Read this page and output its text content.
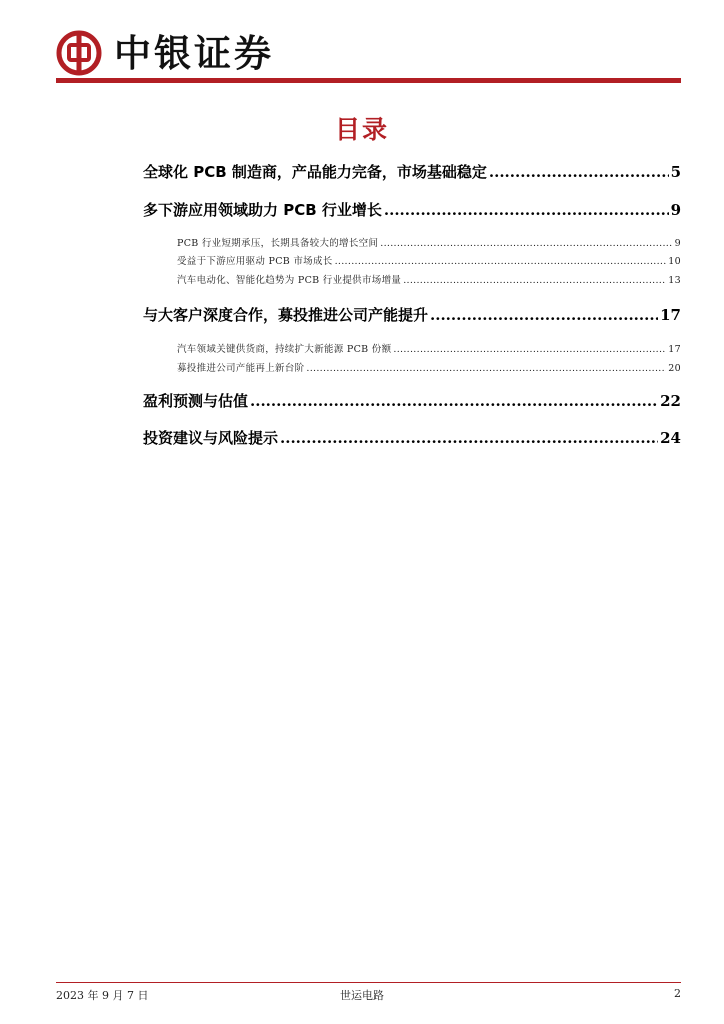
中银证券
目录
全球化 PCB 制造商，产品能力完备，市场基础稳定 .....	5
多下游应用领域助力 PCB 行业增长 .....	9
PCB 行业短期承压，长期具备较大的增长空间 .....	9
受益于下游应用驱动 PCB 市场成长 .....	10
汽车电动化、智能化趋势为 PCB 行业提供市场增量 .....	13
与大客户深度合作，募投推进公司产能提升 .....	17
汽车领域关键供货商，持续扩大新能源 PCB 份额 .....	17
募投推进公司产能再上新台阶 .....	20
盈利预测与估值 .....	22
投资建议与风险提示 .....	24
2023 年 9 月 7 日	世运电路	2
